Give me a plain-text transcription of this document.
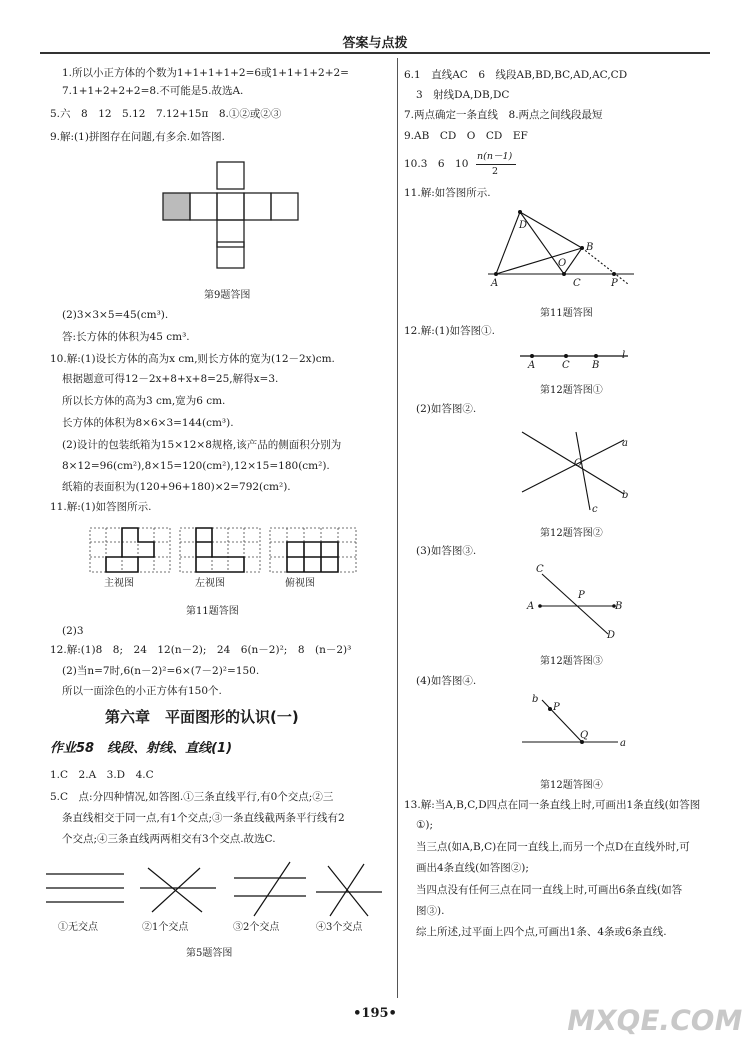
答案与点拨
1.所以小正方体的个数为1+1+1+1+2=6或1+1+1+2+2=
7.1+1+2+2+2=8.不可能是5.故选A.
5.六　8　12　5.12　7.12+15π　8.①②或②③
9.解:(1)拼图存在问题,有多余.如答图.
第9题答图
(2)3×3×5=45(cm³).
答:长方体的体积为45 cm³.
10.解:(1)设长方体的高为x cm,则长方体的宽为(12－2x)cm.
根据题意可得12－2x+8+x+8=25,解得x=3.
所以长方体的高为3 cm,宽为6 cm.
长方体的体积为8×6×3=144(cm³).
(2)设计的包装纸箱为15×12×8规格,该产品的侧面积分别为
8×12=96(cm²),8×15=120(cm²),12×15=180(cm²).
纸箱的表面积为(120+96+180)×2=792(cm²).
11.解:(1)如答图所示.
主视图	左视图	俯视图
第11题答图
(2)3
12.解:(1)8　8;　24　12(n－2);　24　6(n－2)²;　8　(n－2)³
(2)当n=7时,6(n－2)²=6×(7－2)²=150.
所以一面涂色的小正方体有150个.
第六章　平面图形的认识(一)
作业58　线段、射线、直线(1)
1.C　2.A　3.D　4.C
5.C　点:分四种情况,如答图.①三条直线平行,有0个交点;②三
条直线相交于同一点,有1个交点;③一条直线截两条平行线有2
个交点;④三条直线两两相交有3个交点.故选C.
①无交点	②1个交点	③2个交点	④3个交点
第5题答图
6.1　直线AC　6　线段AB,BD,BC,AD,AC,CD
3　射线DA,DB,DC
7.两点确定一条直线　8.两点之间线段最短
9.AB　CD　O　CD　EF
10.3　6　10
n(n－1)
2
11.解:如答图所示.
D
B
O
A	C	P
第11题答图
12.解:(1)如答图①.
A	C B
l
第12题答图①
(2)如答图②.
a
O
b
c
第12题答图②
(3)如答图③.
C
P
A	B
D
第12题答图③
(4)如答图④.
b
P
Q
a
第12题答图④
13.解:当A,B,C,D四点在同一条直线上时,可画出1条直线(如答图
①);
当三点(如A,B,C)在同一直线上,而另一个点D在直线外时,可
画出4条直线(如答图②);
当四点没有任何三点在同一直线上时,可画出6条直线(如答
图③).
综上所述,过平面上四个点,可画出1条、4条或6条直线.
•195•	MXQE.COM
